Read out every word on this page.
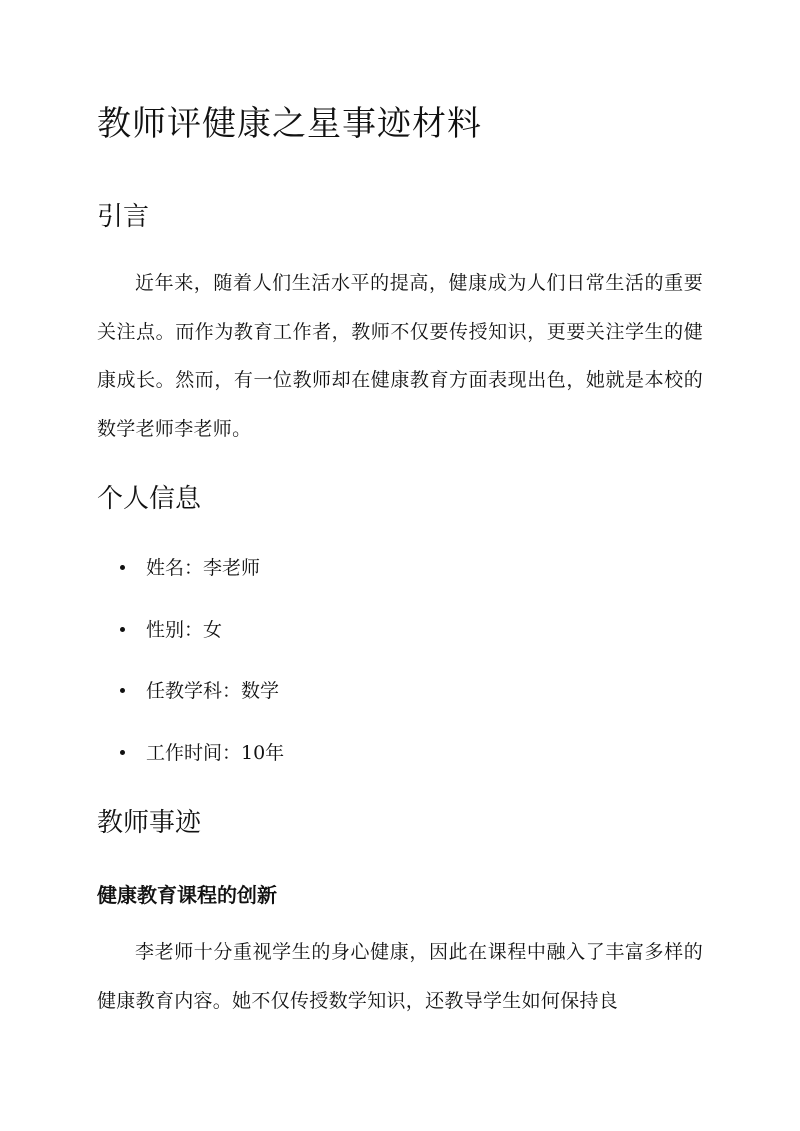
教师评健康之星事迹材料
引言

近年来，随着人们生活水平的提高，健康成为人们日常生活的重要关注点。而作为教育工作者，教师不仅要传授知识，更要关注学生的健康成长。然而，有一位教师却在健康教育方面表现出色，她就是本校的数学老师李老师。

个人信息
姓名：李老师
性别：女
任教学科：数学
工作时间：10年
教师事迹
健康教育课程的创新

李老师十分重视学生的身心健康，因此在课程中融入了丰富多样的健康教育内容。她不仅传授数学知识，还教导学生如何保持良
